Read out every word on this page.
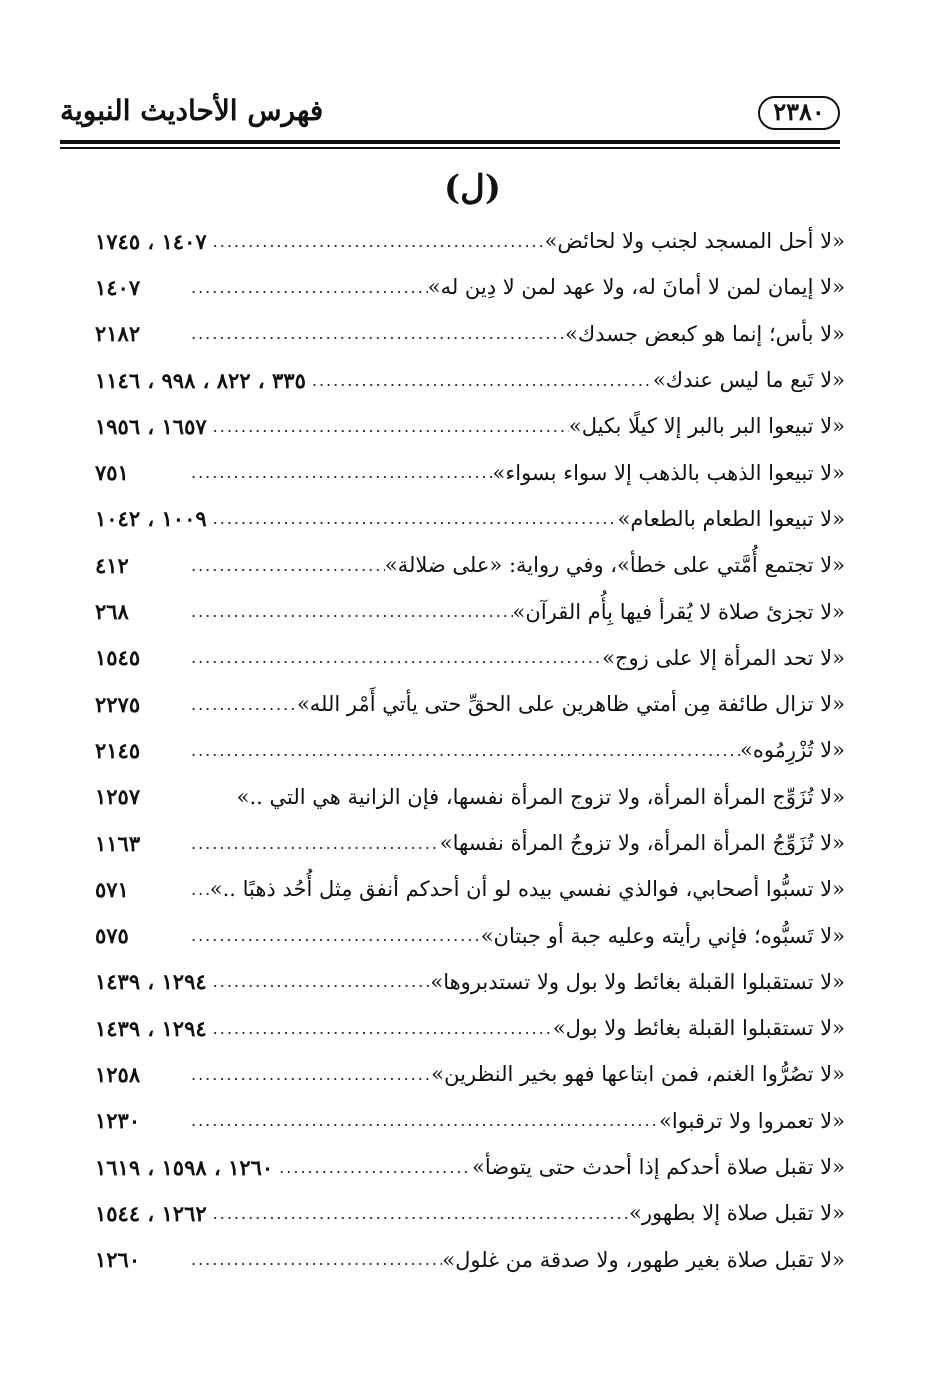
فهرس الأحاديث النبوية	٢٣٨٠
(ل)
«لا أحل المسجد لجنب ولا لحائض»
.....
١٤٠٧ ، ١٧٤٥
«لا إيمان لمن لا أمانَ له، ولا عهد لمن لا دِين له»
.....
١٤٠٧
«لا بأس؛ إنما هو كبعض جسدك»
.....
٢١٨٢
«لا تَبع ما ليس عندك»
.....
٣٣٥ ، ٨٢٢ ، ٩٩٨ ، ١١٤٦
«لا تبيعوا البر بالبر إلا كيلًا بكيل»
.....
١٦٥٧ ، ١٩٥٦
«لا تبيعوا الذهب بالذهب إلا سواء بسواء»
.....
٧٥١
«لا تبيعوا الطعام بالطعام»
.....
١٠٠٩ ، ١٠٤٢
«لا تجتمع أُمَّتي على خطأ»، وفي رواية: «على ضلالة»
.....
٤١٢
«لا تجزئ صلاة لا يُقرأ فيها بِأُم القرآن»
.....
٢٦٨
«لا تحد المرأة إلا على زوج»
.....
١٥٤٥
«لا تزال طائفة مِن أمتي ظاهرين على الحقِّ حتى يأتي أَمْر الله»
.....
٢٢٧٥
«لا تُزْرِمُوه»
.....
٢١٤٥
«لا تُزَوِّج المرأة المرأة، ولا تزوج المرأة نفسها، فإن الزانية هي التي ..»
١٢٥٧
«لا تُزَوِّجُ المرأة المرأة، ولا تزوجُ المرأة نفسها»
.....
١١٦٣
«لا تسبُّوا أصحابي، فوالذي نفسي بيده لو أن أحدكم أنفق مِثل أُحُد ذهبًا ..»
.....
٥٧١
«لا تَسبُّوه؛ فإني رأيته وعليه جبة أو جبتان»
.....
٥٧٥
«لا تستقبلوا القبلة بغائط ولا بول ولا تستدبروها»
.....
١٢٩٤ ، ١٤٣٩
«لا تستقبلوا القبلة بغائط ولا بول»
.....
١٢٩٤ ، ١٤٣٩
«لا تصُرُّوا الغنم، فمن ابتاعها فهو بخير النظرين»
.....
١٢٥٨
«لا تعمروا ولا ترقبوا»
.....
١٢٣٠
«لا تقبل صلاة أحدكم إذا أحدث حتى يتوضأ»
.....
١٢٦٠ ، ١٥٩٨ ، ١٦١٩
«لا تقبل صلاة إلا بطهور»
.....
١٢٦٢ ، ١٥٤٤
«لا تقبل صلاة بغير طهور، ولا صدقة من غلول»
.....
١٢٦٠
